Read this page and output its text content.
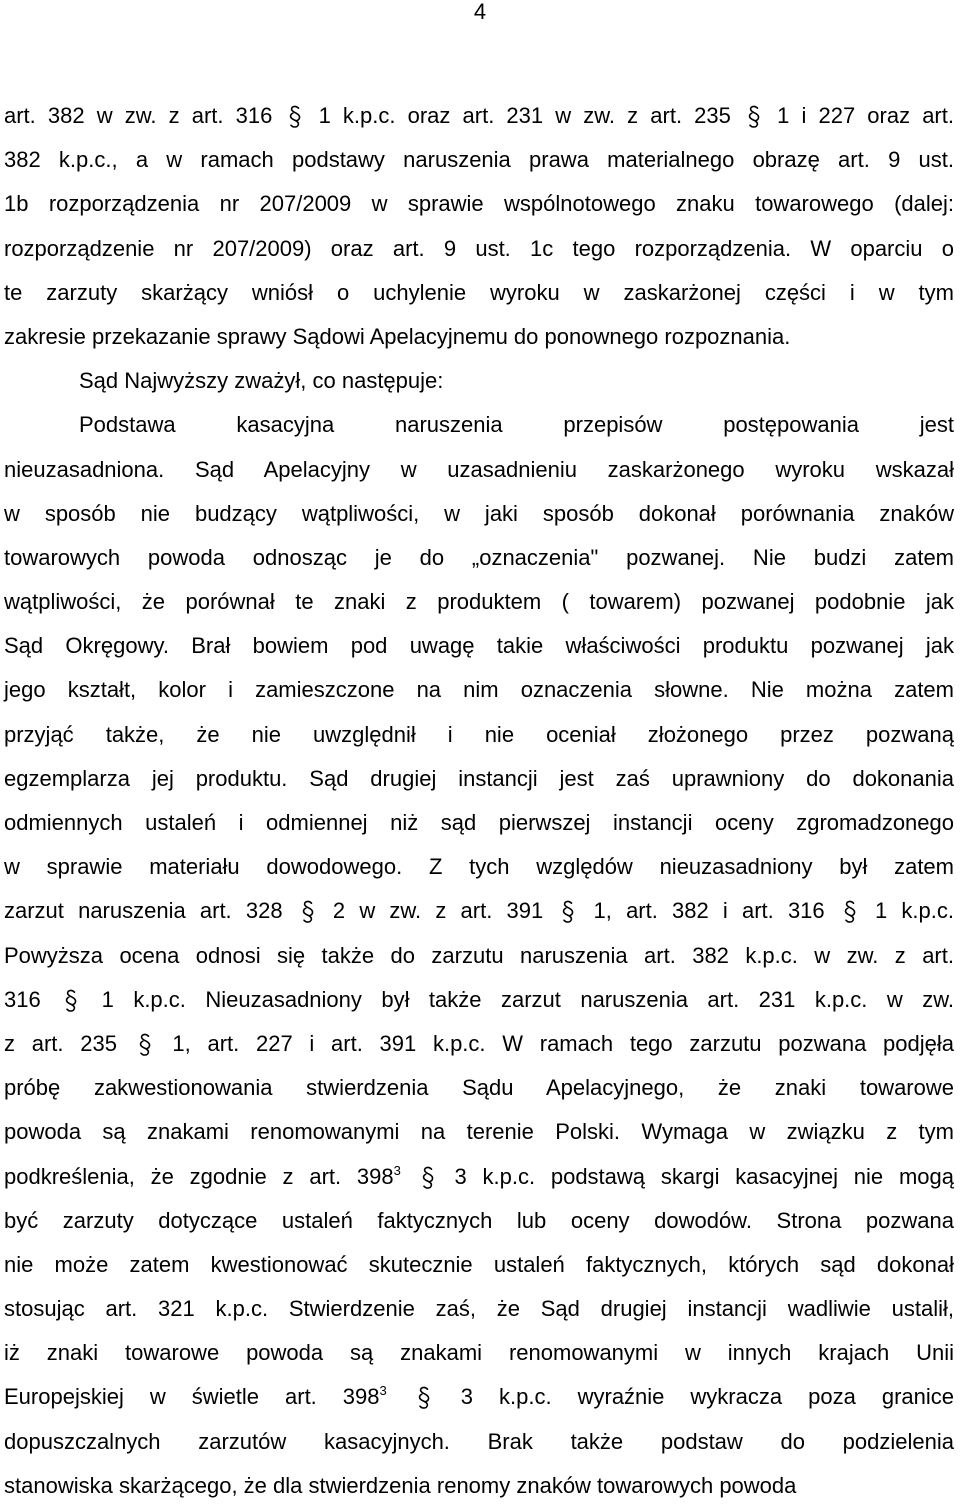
4
art. 382 w zw. z art. 316
1 k.p.c. oraz art. 231 w zw. z art. 235
1 i 227 oraz art.
382 k.p.c., a w ramach podstawy naruszenia prawa materialnego obrazę art. 9 ust.
1b rozporządzenia nr 207/2009 w sprawie wspólnotowego znaku towarowego (dalej:
rozporządzenie nr 207/2009) oraz art. 9 ust. 1c tego rozporządzenia. W oparciu o
te zarzuty skarżący wniósł o uchylenie wyroku w zaskarżonej części i w tym
zakresie przekazanie sprawy Sądowi Apelacyjnemu do ponownego rozpoznania.
Sąd Najwyższy zważył, co następuje:
Podstawa kasacyjna naruszenia przepisów postępowania jest
nieuzasadniona. Sąd Apelacyjny w uzasadnieniu zaskarżonego wyroku wskazał
w sposób nie budzący wątpliwości, w jaki sposób dokonał porównania znaków
towarowych powoda odnosząc je do „oznaczenia" pozwanej. Nie budzi zatem
wątpliwości, że porównał te znaki z produktem ( towarem) pozwanej podobnie jak
Sąd Okręgowy. Brał bowiem pod uwagę takie właściwości produktu pozwanej jak
jego kształt, kolor i zamieszczone na nim oznaczenia słowne. Nie można zatem
przyjąć także, że nie uwzględnił i nie oceniał złożonego przez pozwaną
egzemplarza jej produktu. Sąd drugiej instancji jest zaś uprawniony do dokonania
odmiennych ustaleń i odmiennej niż sąd pierwszej instancji oceny zgromadzonego
w sprawie materiału dowodowego. Z tych względów nieuzasadniony był zatem
zarzut naruszenia art. 328
2 w zw. z art. 391
1, art. 382 i art. 316
1 k.p.c.
Powyższa ocena odnosi się także do zarzutu naruszenia art. 382 k.p.c. w zw. z art.
316
1 k.p.c. Nieuzasadniony był także zarzut naruszenia art. 231 k.p.c. w zw.
z art. 235
1, art. 227 i art. 391 k.p.c. W ramach tego zarzutu pozwana podjęła
próbę zakwestionowania stwierdzenia Sądu Apelacyjnego, że znaki towarowe
powoda są znakami renomowanymi na terenie Polski. Wymaga w związku z tym
podkreślenia, że zgodnie z art. $398^3$
3 k.p.c. podstawą skargi kasacyjnej nie mogą
być zarzuty dotyczące ustaleń faktycznych lub oceny dowodów. Strona pozwana
nie może zatem kwestionować skutecznie ustaleń faktycznych, których sąd dokonał
stosując art. 321 k.p.c. Stwierdzenie zaś, że Sąd drugiej instancji wadliwie ustalił,
iż znaki towarowe powoda są znakami renomowanymi w innych krajach Unii
Europejskiej w świetle art. $398^3$
3 k.p.c. wyraźnie wykracza poza granice
dopuszczalnych zarzutów kasacyjnych. Brak także podstaw do podzielenia
stanowiska skarżącego, że dla stwierdzenia renomy znaków towarowych powoda
